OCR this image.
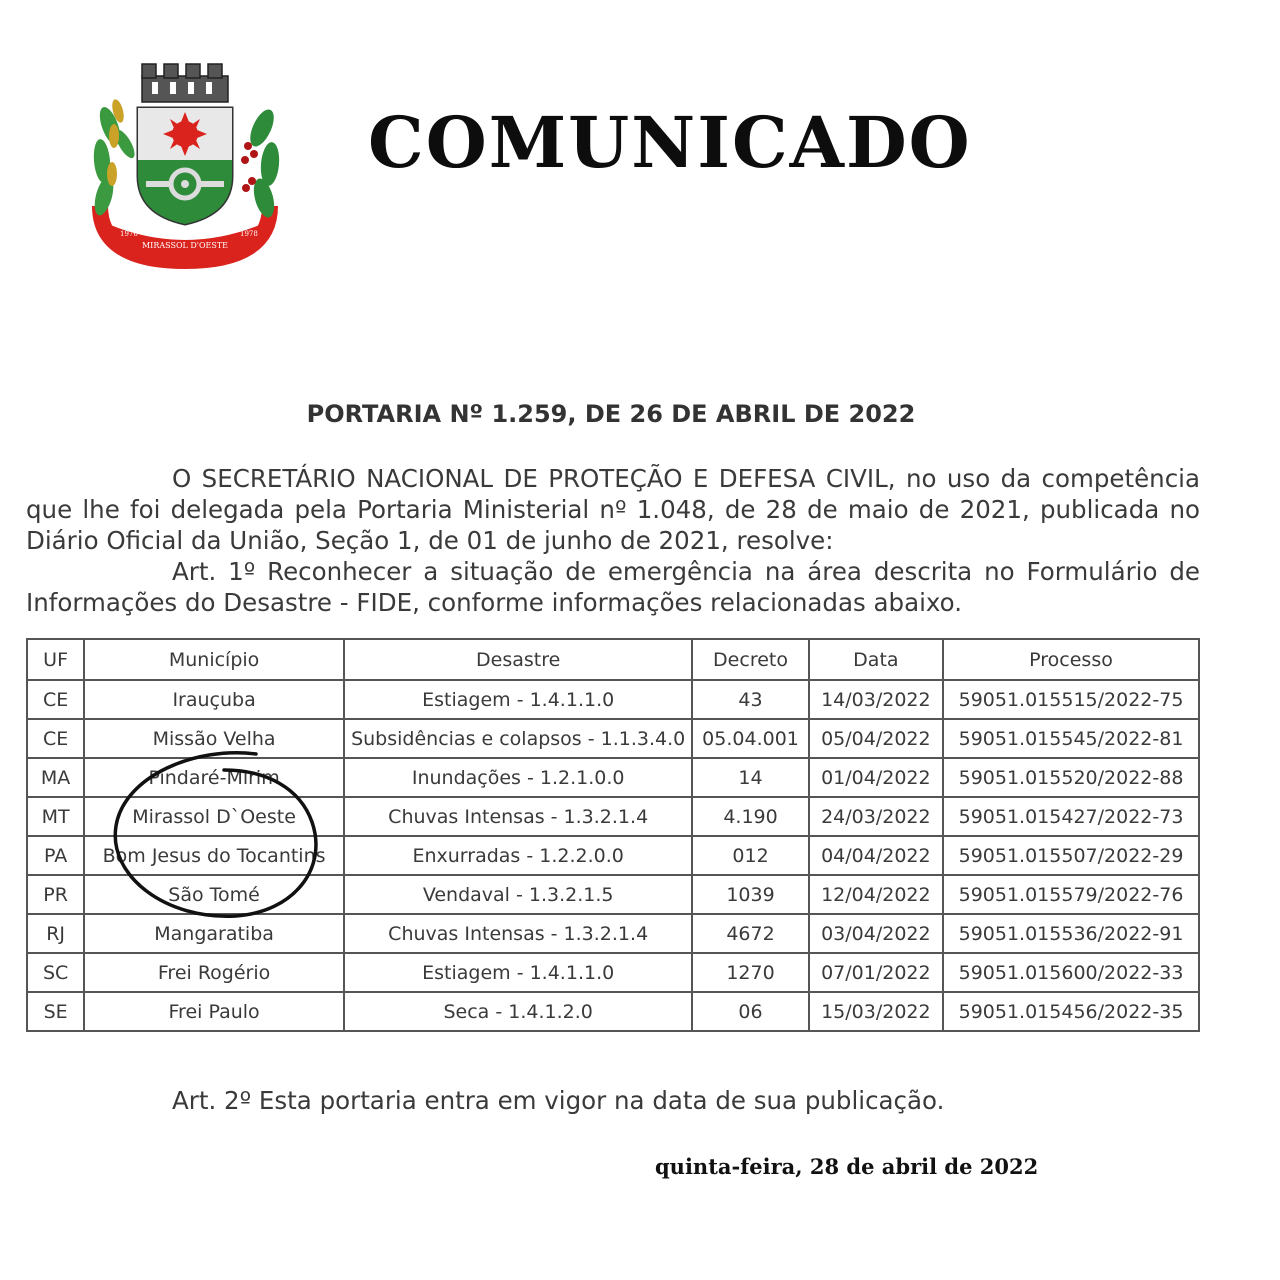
MIRASSOL D'OESTE
1976	1978
COMUNICADO
PORTARIA Nº 1.259, DE 26 DE ABRIL DE 2022
O SECRETÁRIO NACIONAL DE PROTEÇÃO E DEFESA CIVIL, no uso da competência que lhe foi delegada pela Portaria Ministerial nº 1.048, de 28 de maio de 2021, publicada no Diário Oficial da União, Seção 1, de 01 de junho de 2021, resolve:
Art. 1º Reconhecer a situação de emergência na área descrita no Formulário de Informações do Desastre - FIDE, conforme informações relacionadas abaixo.
UF	Município	Desastre	Decreto	Data	Processo
CE	Irauçuba	Estiagem - 1.4.1.1.0	43	14/03/2022	59051.015515/2022-75
CE	Missão Velha	Subsidências e colapsos - 1.1.3.4.0	05.04.001	05/04/2022	59051.015545/2022-81
MA	Pindaré-Mirim	Inundações - 1.2.1.0.0	14	01/04/2022	59051.015520/2022-88
MT	Mirassol D`Oeste	Chuvas Intensas - 1.3.2.1.4	4.190	24/03/2022	59051.015427/2022-73
PA	Bom Jesus do Tocantins	Enxurradas - 1.2.2.0.0	012	04/04/2022	59051.015507/2022-29
PR	São Tomé	Vendaval - 1.3.2.1.5	1039	12/04/2022	59051.015579/2022-76
RJ	Mangaratiba	Chuvas Intensas - 1.3.2.1.4	4672	03/04/2022	59051.015536/2022-91
SC	Frei Rogério	Estiagem - 1.4.1.1.0	1270	07/01/2022	59051.015600/2022-33
SE	Frei Paulo	Seca - 1.4.1.2.0	06	15/03/2022	59051.015456/2022-35
Art. 2º Esta portaria entra em vigor na data de sua publicação.
quinta-feira, 28 de abril de 2022
